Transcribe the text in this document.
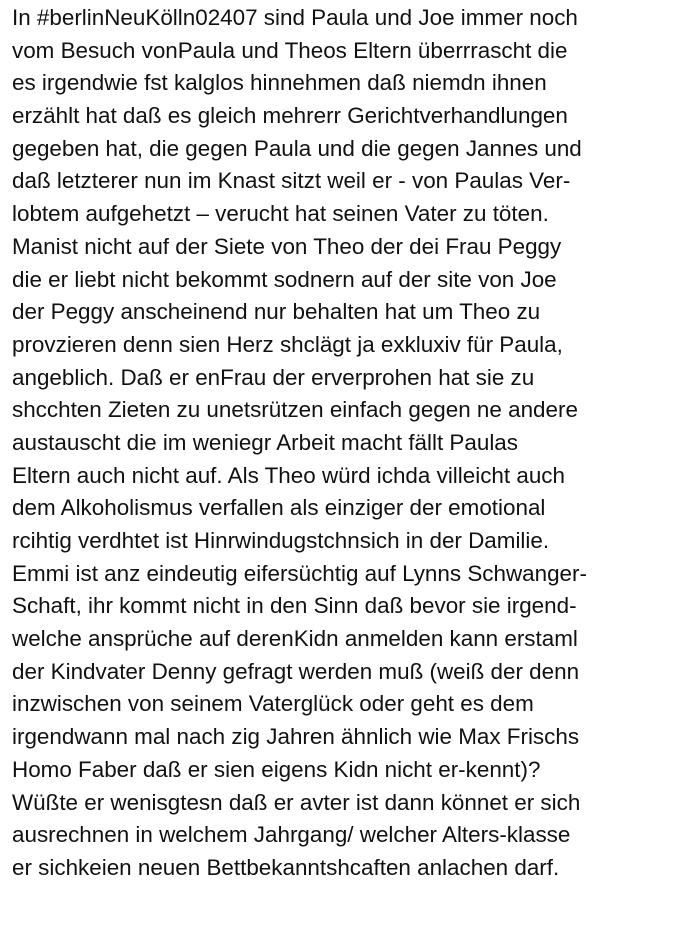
In #berlinNeuKölln02407 sind Paula und Joe immer noch
vom Besuch vonPaula und Theos Eltern überrrascht die
es irgendwie fst kalglos hinnehmen daß niemdn ihnen
erzählt hat daß es gleich mehrerr Gerichtverhandlungen
gegeben hat, die gegen Paula und die gegen Jannes und
daß letzterer nun im Knast sitzt weil er - von Paulas Ver-
lobtem aufgehetzt – verucht hat seinen Vater zu töten.
Manist nicht auf der Siete von Theo der dei Frau Peggy
die er liebt nicht bekommt sodnern auf der site von Joe
der Peggy anscheinend nur behalten hat um Theo zu
provzieren denn sien Herz shclägt ja exkluxiv für Paula,
angeblich. Daß er enFrau der erverprohen hat sie zu
shcchten Zieten zu unetsrützen einfach gegen ne andere
austauscht die im weniegr Arbeit macht fällt Paulas
Eltern auch nicht auf. Als Theo würd ichda villeicht auch
dem Alkoholismus verfallen als einziger der emotional
rcihtig verdhtet ist Hinrwindugstchnsich in der Damilie.
Emmi ist anz eindeutig eifersüchtig auf Lynns Schwanger-
Schaft, ihr kommt nicht in den Sinn daß bevor sie irgend-
welche ansprüche auf derenKidn anmelden kann erstaml
der Kindvater Denny gefragt werden muß (weiß der denn
inzwischen von seinem Vaterglück oder geht es dem
irgendwann mal nach zig Jahren ähnlich wie Max Frischs
Homo Faber daß er sien eigens Kidn nicht er-kennt)?
Wüßte er wenisgtesn daß er avter ist dann könnet er sich
ausrechnen in welchem Jahrgang/ welcher Alters-klasse
er sichkeien neuen Bettbekanntshcaften anlachen darf.
